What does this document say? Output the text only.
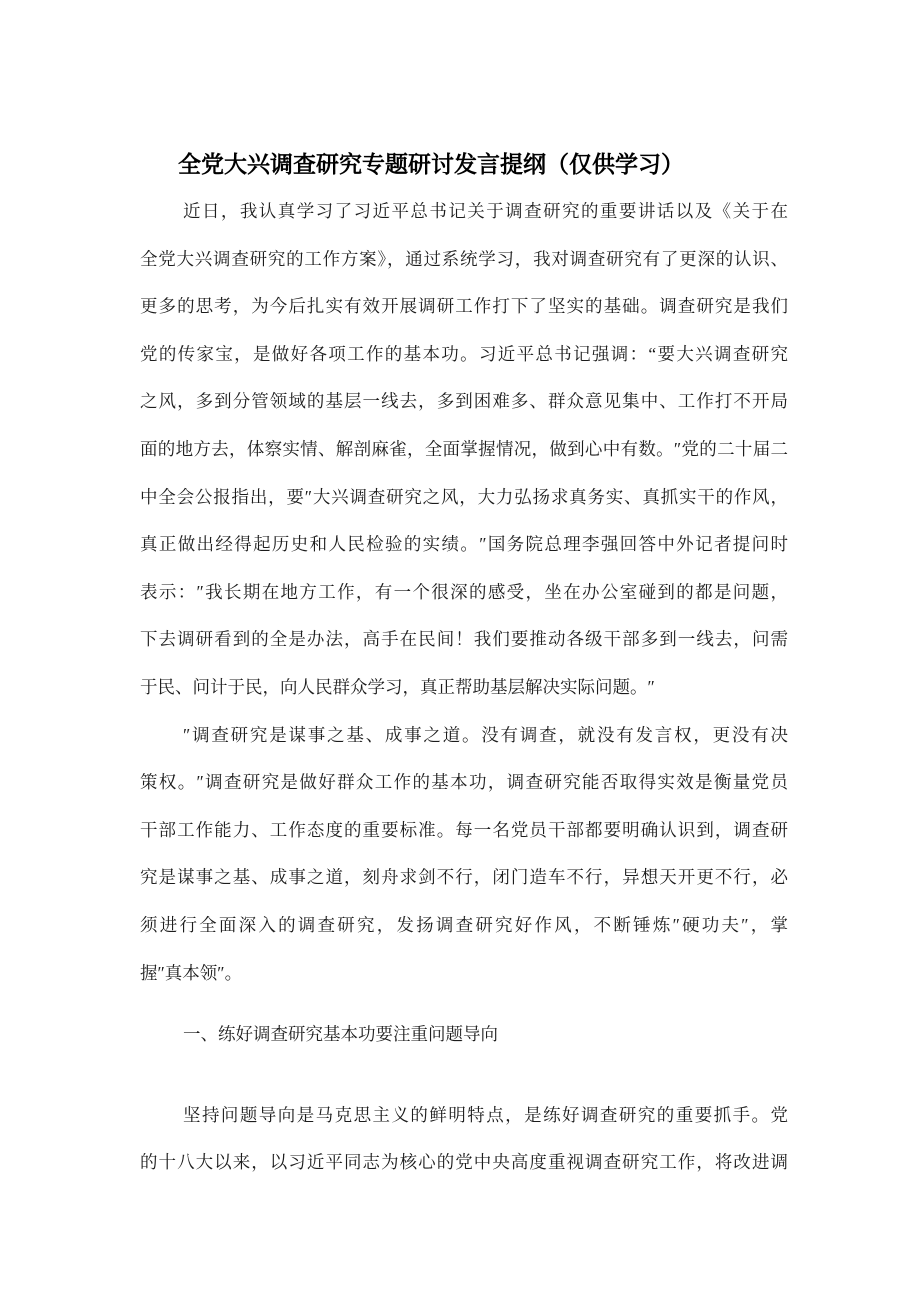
全党大兴调查研究专题研讨发言提纲（仅供学习）
近日，我认真学习了习近平总书记关于调查研究的重要讲话以及《关于在
全党大兴调查研究的工作方案》，通过系统学习，我对调查研究有了更深的认识、
更多的思考，为今后扎实有效开展调研工作打下了坚实的基础。调查研究是我们
党的传家宝，是做好各项工作的基本功。习近平总书记强调：“要大兴调查研究
之风，多到分管领域的基层一线去，多到困难多、群众意见集中、工作打不开局
面的地方去，体察实情、解剖麻雀，全面掌握情况，做到心中有数。″党的二十届二
中全会公报指出，要″大兴调查研究之风，大力弘扬求真务实、真抓实干的作风，
真正做出经得起历史和人民检验的实绩。″国务院总理李强回答中外记者提问时
表示：″我长期在地方工作，有一个很深的感受，坐在办公室碰到的都是问题，
下去调研看到的全是办法，高手在民间！我们要推动各级干部多到一线去，问需
于民、问计于民，向人民群众学习，真正帮助基层解决实际问题。″
″调查研究是谋事之基、成事之道。没有调查，就没有发言权，更没有决
策权。″调查研究是做好群众工作的基本功，调查研究能否取得实效是衡量党员
干部工作能力、工作态度的重要标准。每一名党员干部都要明确认识到，调查研
究是谋事之基、成事之道，刻舟求剑不行，闭门造车不行，异想天开更不行，必
须进行全面深入的调查研究，发扬调查研究好作风，不断锤炼″硬功夫″，掌
握″真本领″。
一、练好调查研究基本功要注重问题导向
坚持问题导向是马克思主义的鲜明特点，是练好调查研究的重要抓手。党
的十八大以来，以习近平同志为核心的党中央高度重视调查研究工作，将改进调
